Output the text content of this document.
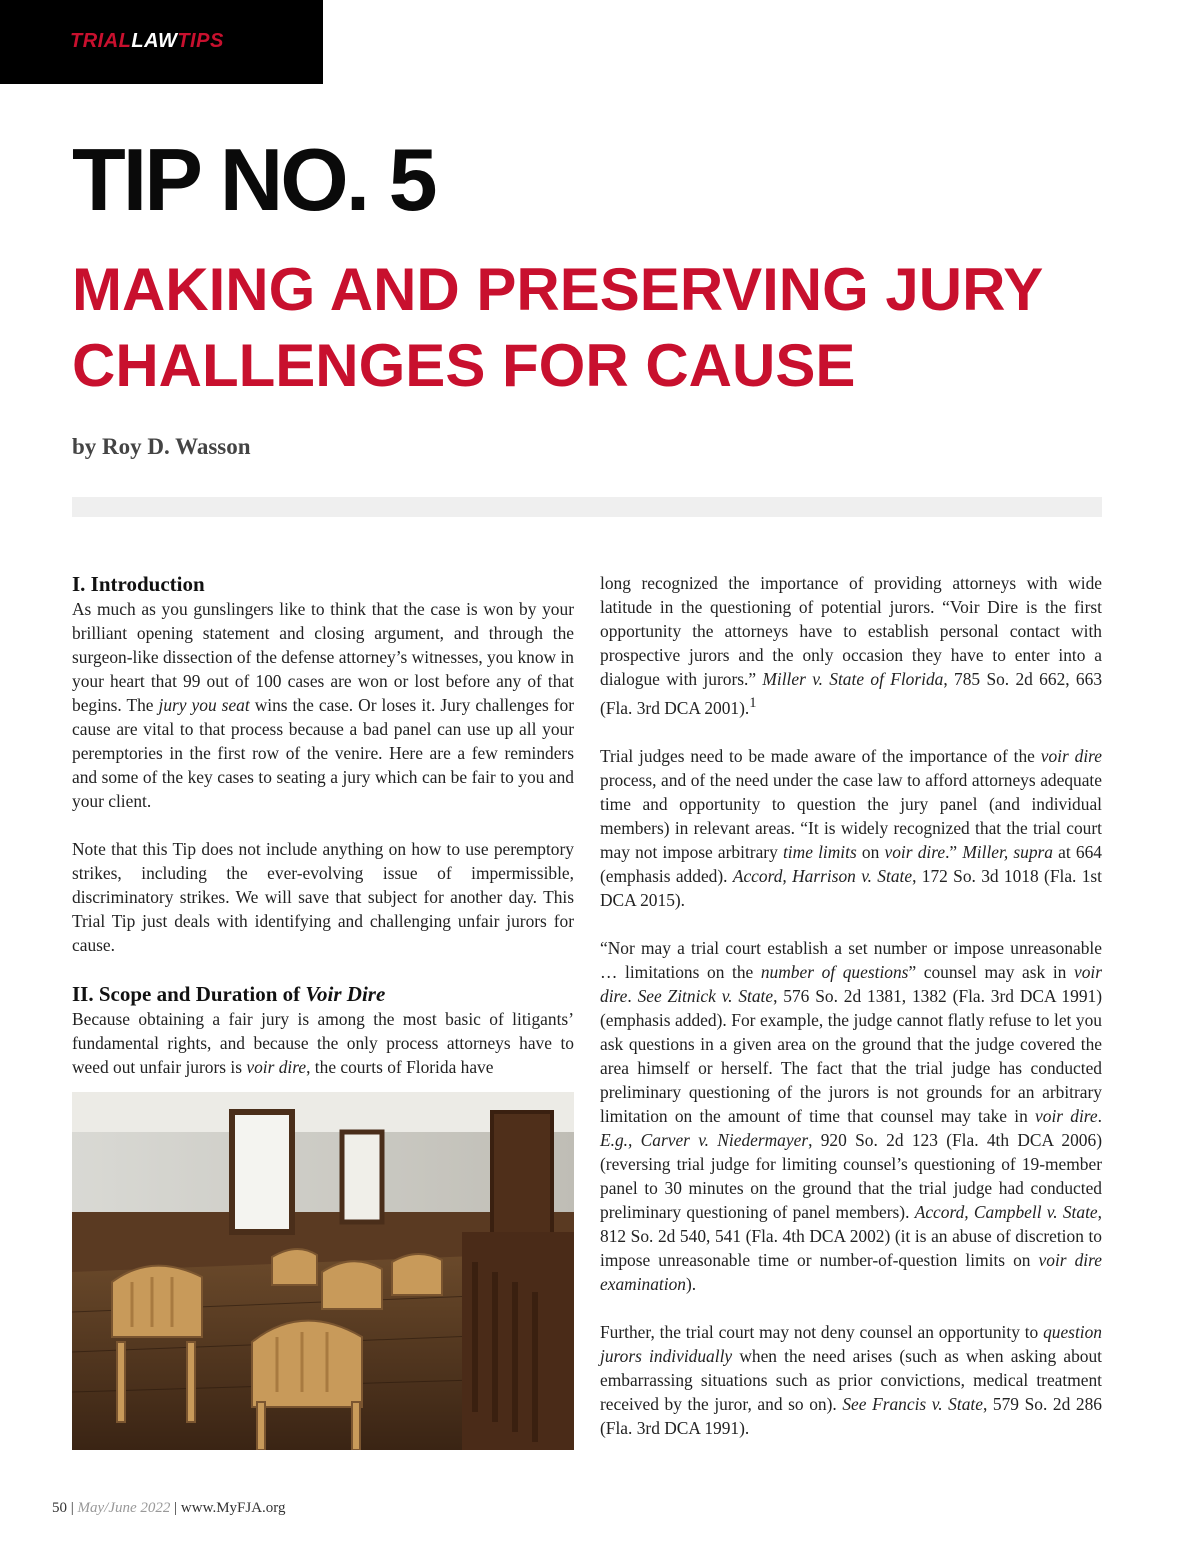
TRIALLAWTIPS
TIP NO. 5
MAKING AND PRESERVING JURY CHALLENGES FOR CAUSE
by Roy D. Wasson
I. Introduction

As much as you gunslingers like to think that the case is won by your brilliant opening statement and closing argument, and through the surgeon-like dissection of the defense attorney’s witnesses, you know in your heart that 99 out of 100 cases are won or lost before any of that begins. The jury you seat wins the case. Or loses it. Jury challenges for cause are vital to that process because a bad panel can use up all your peremptories in the first row of the venire. Here are a few reminders and some of the key cases to seating a jury which can be fair to you and your client.

Note that this Tip does not include anything on how to use peremptory strikes, including the ever-evolving issue of impermissible, discriminatory strikes. We will save that subject for another day. This Trial Tip just deals with identifying and challenging unfair jurors for cause.

II. Scope and Duration of Voir Dire

Because obtaining a fair jury is among the most basic of litigants’ fundamental rights, and because the only process attorneys have to weed out unfair jurors is voir dire, the courts of Florida have

long recognized the importance of providing attorneys with wide latitude in the questioning of potential jurors. “Voir Dire is the first opportunity the attorneys have to establish personal contact with prospective jurors and the only occasion they have to enter into a dialogue with jurors.” Miller v. State of Florida, 785 So. 2d 662, 663 (Fla. 3rd DCA 2001).$^1$

Trial judges need to be made aware of the importance of the voir dire process, and of the need under the case law to afford attorneys adequate time and opportunity to question the jury panel (and individual members) in relevant areas. “It is widely recognized that the trial court may not impose arbitrary time limits on voir dire.” Miller, supra at 664 (emphasis added). Accord, Harrison v. State, 172 So. 3d 1018 (Fla. 1st DCA 2015).

“Nor may a trial court establish a set number or impose unreasonable … limitations on the number of questions” counsel may ask in voir dire. See Zitnick v. State, 576 So. 2d 1381, 1382 (Fla. 3rd DCA 1991) (emphasis added). For example, the judge cannot flatly refuse to let you ask questions in a given area on the ground that the judge covered the area himself or herself. The fact that the trial judge has conducted preliminary questioning of the jurors is not grounds for an arbitrary limitation on the amount of time that counsel may take in voir dire. E.g., Carver v. Niedermayer, 920 So. 2d 123 (Fla. 4th DCA 2006) (reversing trial judge for limiting counsel’s questioning of 19-member panel to 30 minutes on the ground that the trial judge had conducted preliminary questioning of panel members). Accord, Campbell v. State, 812 So. 2d 540, 541 (Fla. 4th DCA 2002) (it is an abuse of discretion to impose unreasonable time or number-of-question limits on voir dire examination).

Further, the trial court may not deny counsel an opportunity to question jurors individually when the need arises (such as when asking about embarrassing situations such as prior convictions, medical treatment received by the juror, and so on). See Francis v. State, 579 So. 2d 286 (Fla. 3rd DCA 1991).

50 | May/June 2022 | www.MyFJA.org
